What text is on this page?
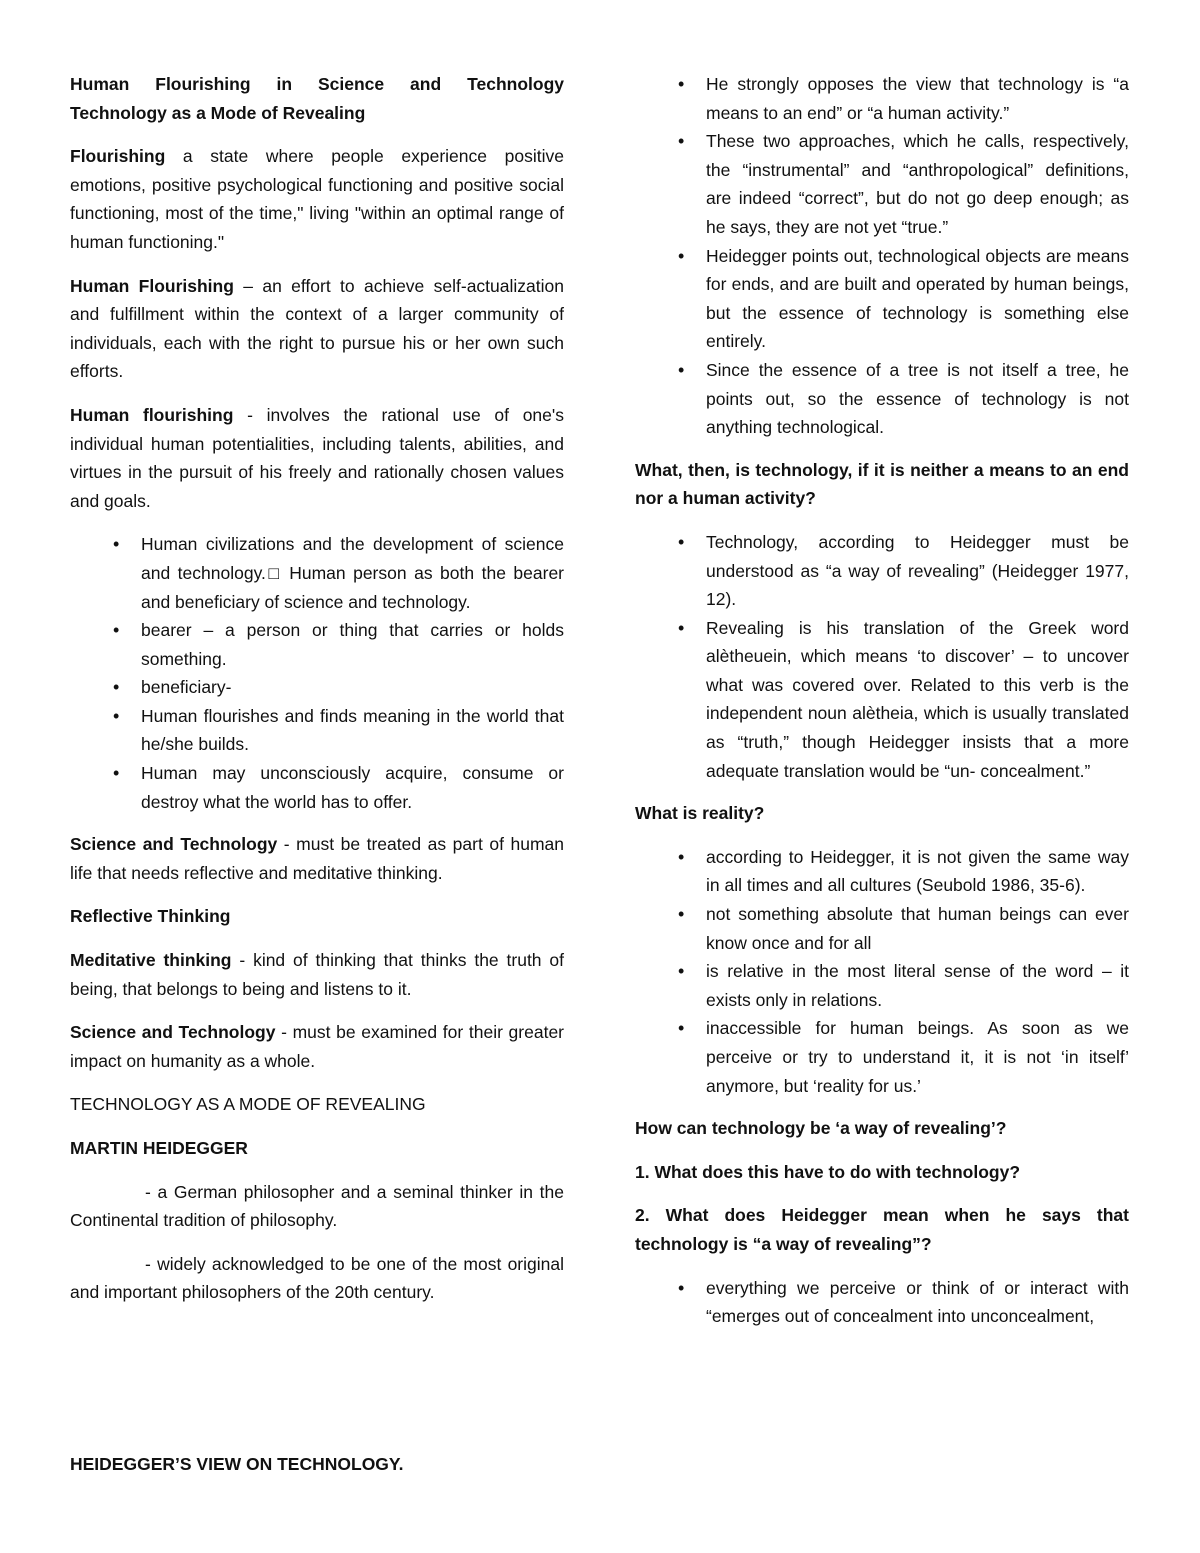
Human Flourishing in Science and Technology
Technology as a Mode of Revealing

Flourishing a state where people experience positive emotions, positive psychological functioning and positive social functioning, most of the time," living "within an optimal range of human functioning."

Human Flourishing – an effort to achieve self-actualization and fulfillment within the context of a larger community of individuals, each with the right to pursue his or her own such efforts.

Human flourishing - involves the rational use of one's individual human potentialities, including talents, abilities, and virtues in the pursuit of his freely and rationally chosen values and goals.

• Human civilizations and the development of science and technology.□ Human person as both the bearer and beneficiary of science and technology.
• bearer – a person or thing that carries or holds something.
• beneficiary-
• Human flourishes and finds meaning in the world that he/she builds.
• Human may unconsciously acquire, consume or destroy what the world has to offer.

Science and Technology - must be treated as part of human life that needs reflective and meditative thinking.

Reflective Thinking

Meditative thinking - kind of thinking that thinks the truth of being, that belongs to being and listens to it.

Science and Technology - must be examined for their greater impact on humanity as a whole.

TECHNOLOGY AS A MODE OF REVEALING

MARTIN HEIDEGGER

- a German philosopher and a seminal thinker in the Continental tradition of philosophy.

- widely acknowledged to be one of the most original and important philosophers of the 20th century.

HEIDEGGER’S VIEW ON TECHNOLOGY.
• He strongly opposes the view that technology is “a means to an end” or “a human activity.”
• These two approaches, which he calls, respectively, the “instrumental” and “anthropological” definitions, are indeed “correct”, but do not go deep enough; as he says, they are not yet “true.”
• Heidegger points out, technological objects are means for ends, and are built and operated by human beings, but the essence of technology is something else entirely.
• Since the essence of a tree is not itself a tree, he points out, so the essence of technology is not anything technological.

What, then, is technology, if it is neither a means to an end nor a human activity?

• Technology, according to Heidegger must be understood as “a way of revealing” (Heidegger 1977, 12).
• Revealing is his translation of the Greek word alètheuein, which means ‘to discover’ – to uncover what was covered over. Related to this verb is the independent noun alètheia, which is usually translated as “truth,” though Heidegger insists that a more adequate translation would be “un- concealment.”

What is reality?

• according to Heidegger, it is not given the same way in all times and all cultures (Seubold 1986, 35-6).
• not something absolute that human beings can ever know once and for all
• is relative in the most literal sense of the word – it exists only in relations.
• inaccessible for human beings. As soon as we perceive or try to understand it, it is not ‘in itself’ anymore, but ‘reality for us.’

How can technology be ‘a way of revealing’?

1. What does this have to do with technology?

2. What does Heidegger mean when he says that technology is “a way of revealing”?

• everything we perceive or think of or interact with “emerges out of concealment into unconcealment,
